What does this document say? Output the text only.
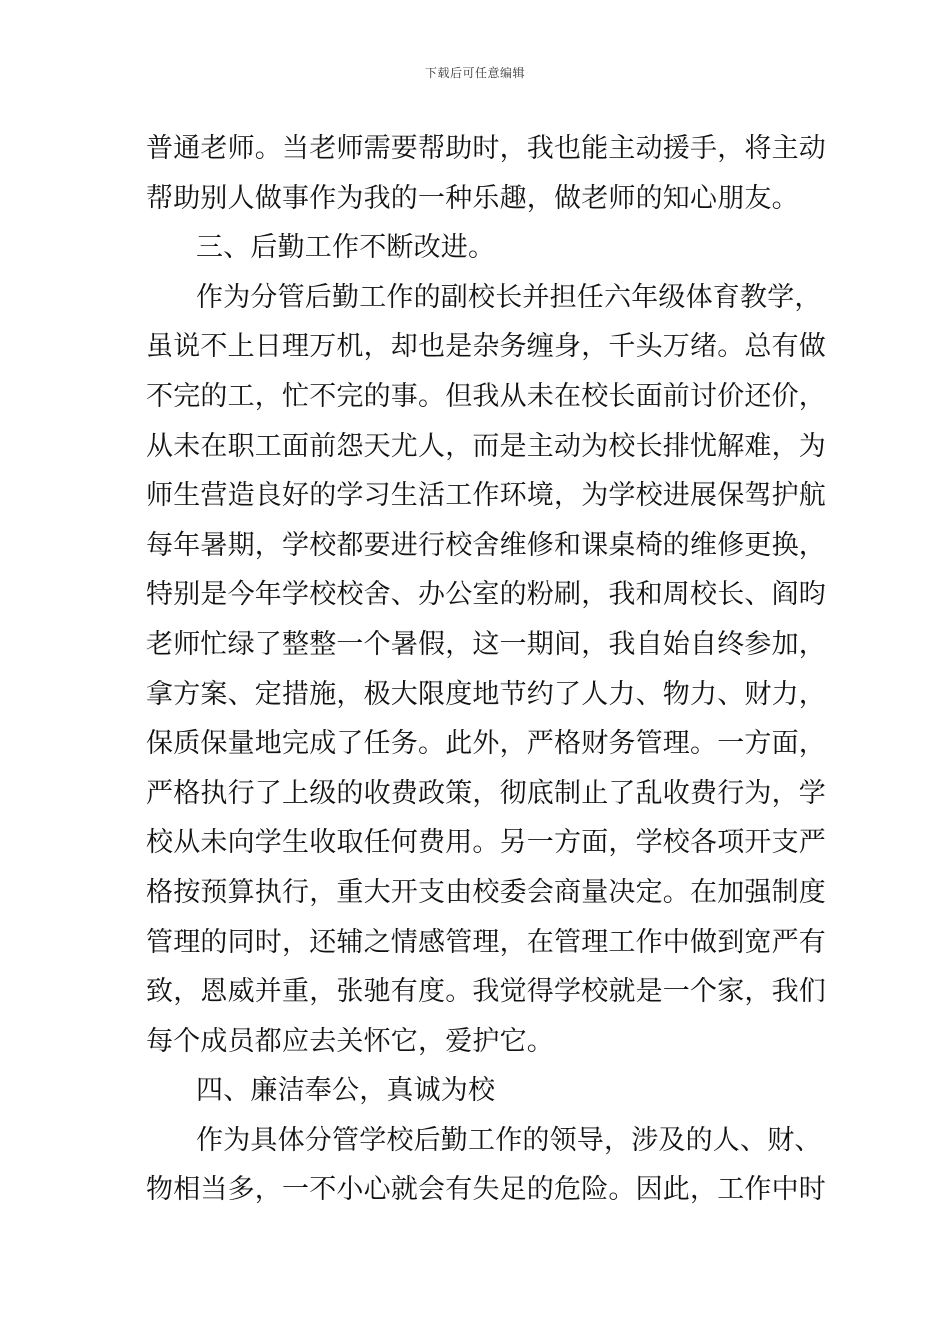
下载后可任意编辑
普通老师。当老师需要帮助时，我也能主动援手，将主动
帮助别人做事作为我的一种乐趣，做老师的知心朋友。
三、后勤工作不断改进。
作为分管后勤工作的副校长并担任六年级体育教学，
虽说不上日理万机，却也是杂务缠身，千头万绪。总有做
不完的工，忙不完的事。但我从未在校长面前讨价还价，
从未在职工面前怨天尤人，而是主动为校长排忧解难，为
师生营造良好的学习生活工作环境，为学校进展保驾护航
每年暑期，学校都要进行校舍维修和课桌椅的维修更换，
特别是今年学校校舍、办公室的粉刷，我和周校长、阎昀
老师忙绿了整整一个暑假，这一期间，我自始自终参加，
拿方案、定措施，极大限度地节约了人力、物力、财力，
保质保量地完成了任务。此外，严格财务管理。一方面，
严格执行了上级的收费政策，彻底制止了乱收费行为，学
校从未向学生收取任何费用。另一方面，学校各项开支严
格按预算执行，重大开支由校委会商量决定。在加强制度
管理的同时，还辅之情感管理，在管理工作中做到宽严有
致，恩威并重，张驰有度。我觉得学校就是一个家，我们
每个成员都应去关怀它，爱护它。
四、廉洁奉公，真诚为校
作为具体分管学校后勤工作的领导，涉及的人、财、
物相当多，一不小心就会有失足的危险。因此，工作中时
